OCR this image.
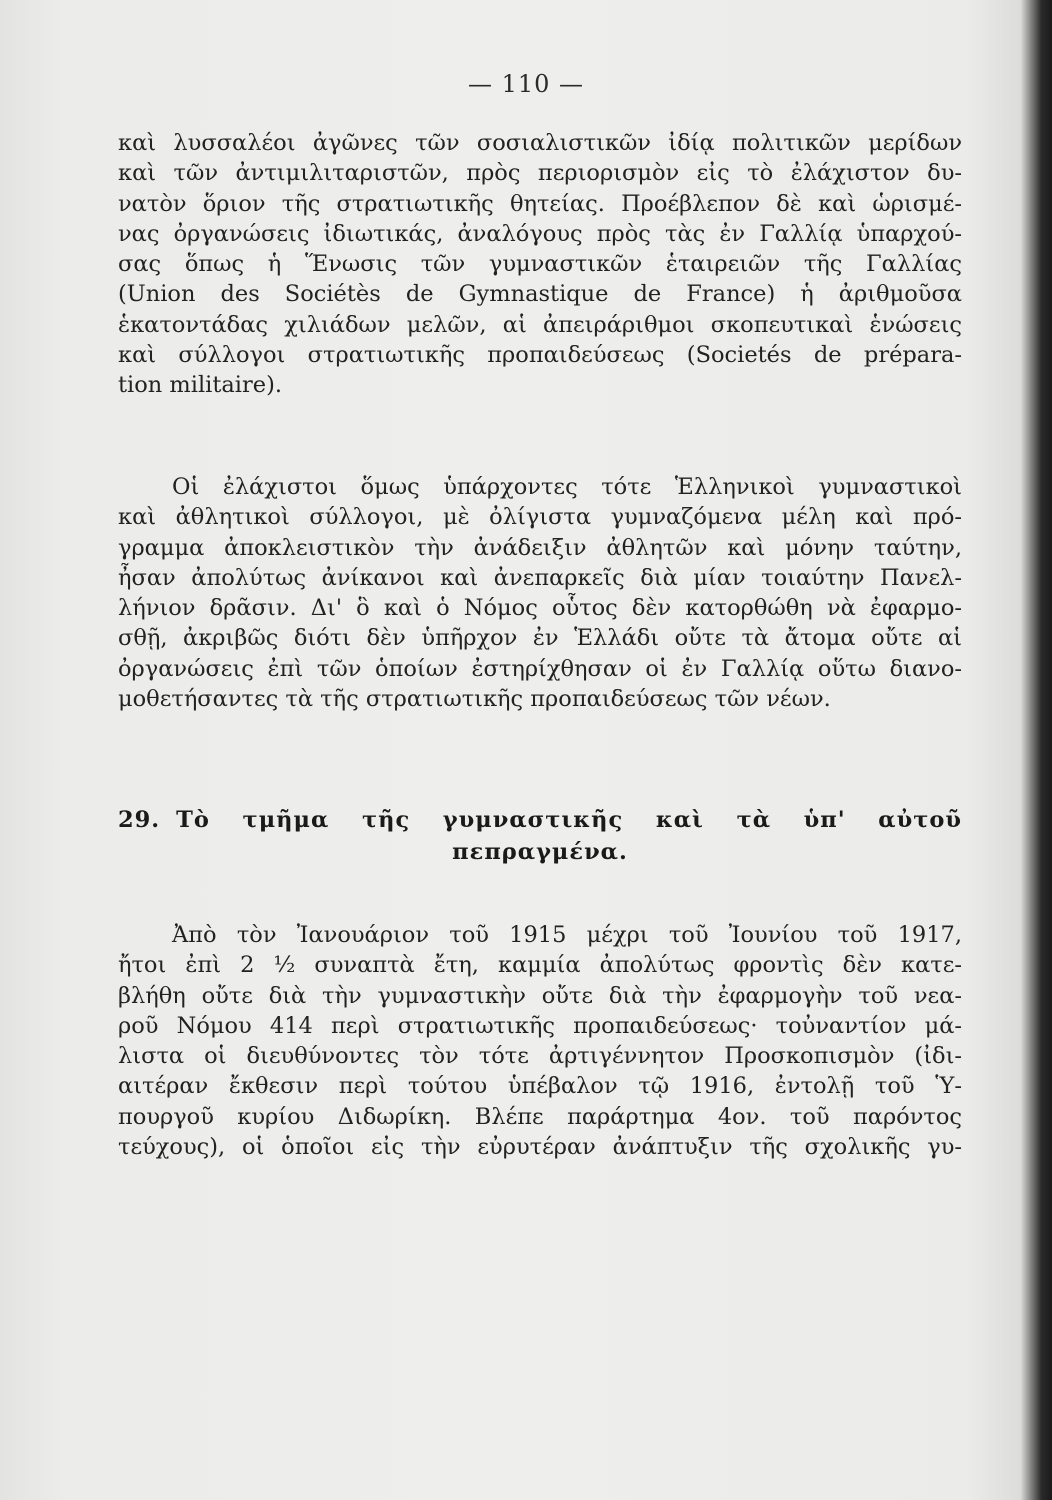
— 110 —
καὶ λυσσαλέοι ἀγῶνες τῶν σοσιαλιστικῶν ἰδίᾳ πολιτικῶν μερίδων
καὶ τῶν ἀντιμιλιταριστῶν, πρὸς περιορισμὸν εἰς τὸ ἐλάχιστον δυ-
νατὸν ὅριον τῆς στρατιωτικῆς θητείας. Προέβλεπον δὲ καὶ ὡρισμέ-
νας ὀργανώσεις ἰδιωτικάς, ἀναλόγους πρὸς τὰς ἐν Γαλλίᾳ ὑπαρχού-
σας ὅπως ἡ Ἕνωσις τῶν γυμναστικῶν ἑταιρειῶν τῆς Γαλλίας
(Union des Sociétès de Gymnastique de France) ἡ ἀριθμοῦσα
ἑκατοντάδας χιλιάδων μελῶν, αἱ ἀπειράριθμοι σκοπευτικαὶ ἑνώσεις
καὶ σύλλογοι στρατιωτικῆς προπαιδεύσεως (Societés de prépara-
tion militaire).
Οἱ ἐλάχιστοι ὅμως ὑπάρχοντες τότε Ἑλληνικοὶ γυμναστικοὶ
καὶ ἀθλητικοὶ σύλλογοι, μὲ ὀλίγιστα γυμναζόμενα μέλη καὶ πρό-
γραμμα ἀποκλειστικὸν τὴν ἀνάδειξιν ἀθλητῶν καὶ μόνην ταύτην,
ἦσαν ἀπολύτως ἀνίκανοι καὶ ἀνεπαρκεῖς διὰ μίαν τοιαύτην Πανελ-
λήνιον δρᾶσιν. Δι' ὃ καὶ ὁ Νόμος οὗτος δὲν κατορθώθη νὰ ἐφαρμο-
σθῇ, ἀκριβῶς διότι δὲν ὑπῆρχον ἐν Ἑλλάδι οὔτε τὰ ἄτομα οὔτε αἱ
ὀργανώσεις ἐπὶ τῶν ὁποίων ἐστηρίχθησαν οἱ ἐν Γαλλίᾳ οὕτω διανο-
μοθετήσαντες τὰ τῆς στρατιωτικῆς προπαιδεύσεως τῶν νέων.
29. Τὸ τμῆμα τῆς γυμναστικῆς καὶ τὰ ὑπ' αὐτοῦ
πεπραγμένα.
Ἀπὸ τὸν Ἰανουάριον τοῦ 1915 μέχρι τοῦ Ἰουνίου τοῦ 1917,
ἤτοι ἐπὶ 2 ½ συναπτὰ ἔτη, καμμία ἀπολύτως φροντὶς δὲν κατε-
βλήθη οὔτε διὰ τὴν γυμναστικὴν οὔτε διὰ τὴν ἐφαρμογὴν τοῦ νεα-
ροῦ Νόμου 414 περὶ στρατιωτικῆς προπαιδεύσεως· τοὐναντίον μά-
λιστα οἱ διευθύνοντες τὸν τότε ἀρτιγέννητον Προσκοπισμὸν (ἰδι-
αιτέραν ἔκθεσιν περὶ τούτου ὑπέβαλον τῷ 1916, ἐντολῇ τοῦ Ὑ-
πουργοῦ κυρίου Διδωρίκη. Βλέπε παράρτημα 4ον. τοῦ παρόντος
τεύχους), οἱ ὁποῖοι εἰς τὴν εὐρυτέραν ἀνάπτυξιν τῆς σχολικῆς γυ-
